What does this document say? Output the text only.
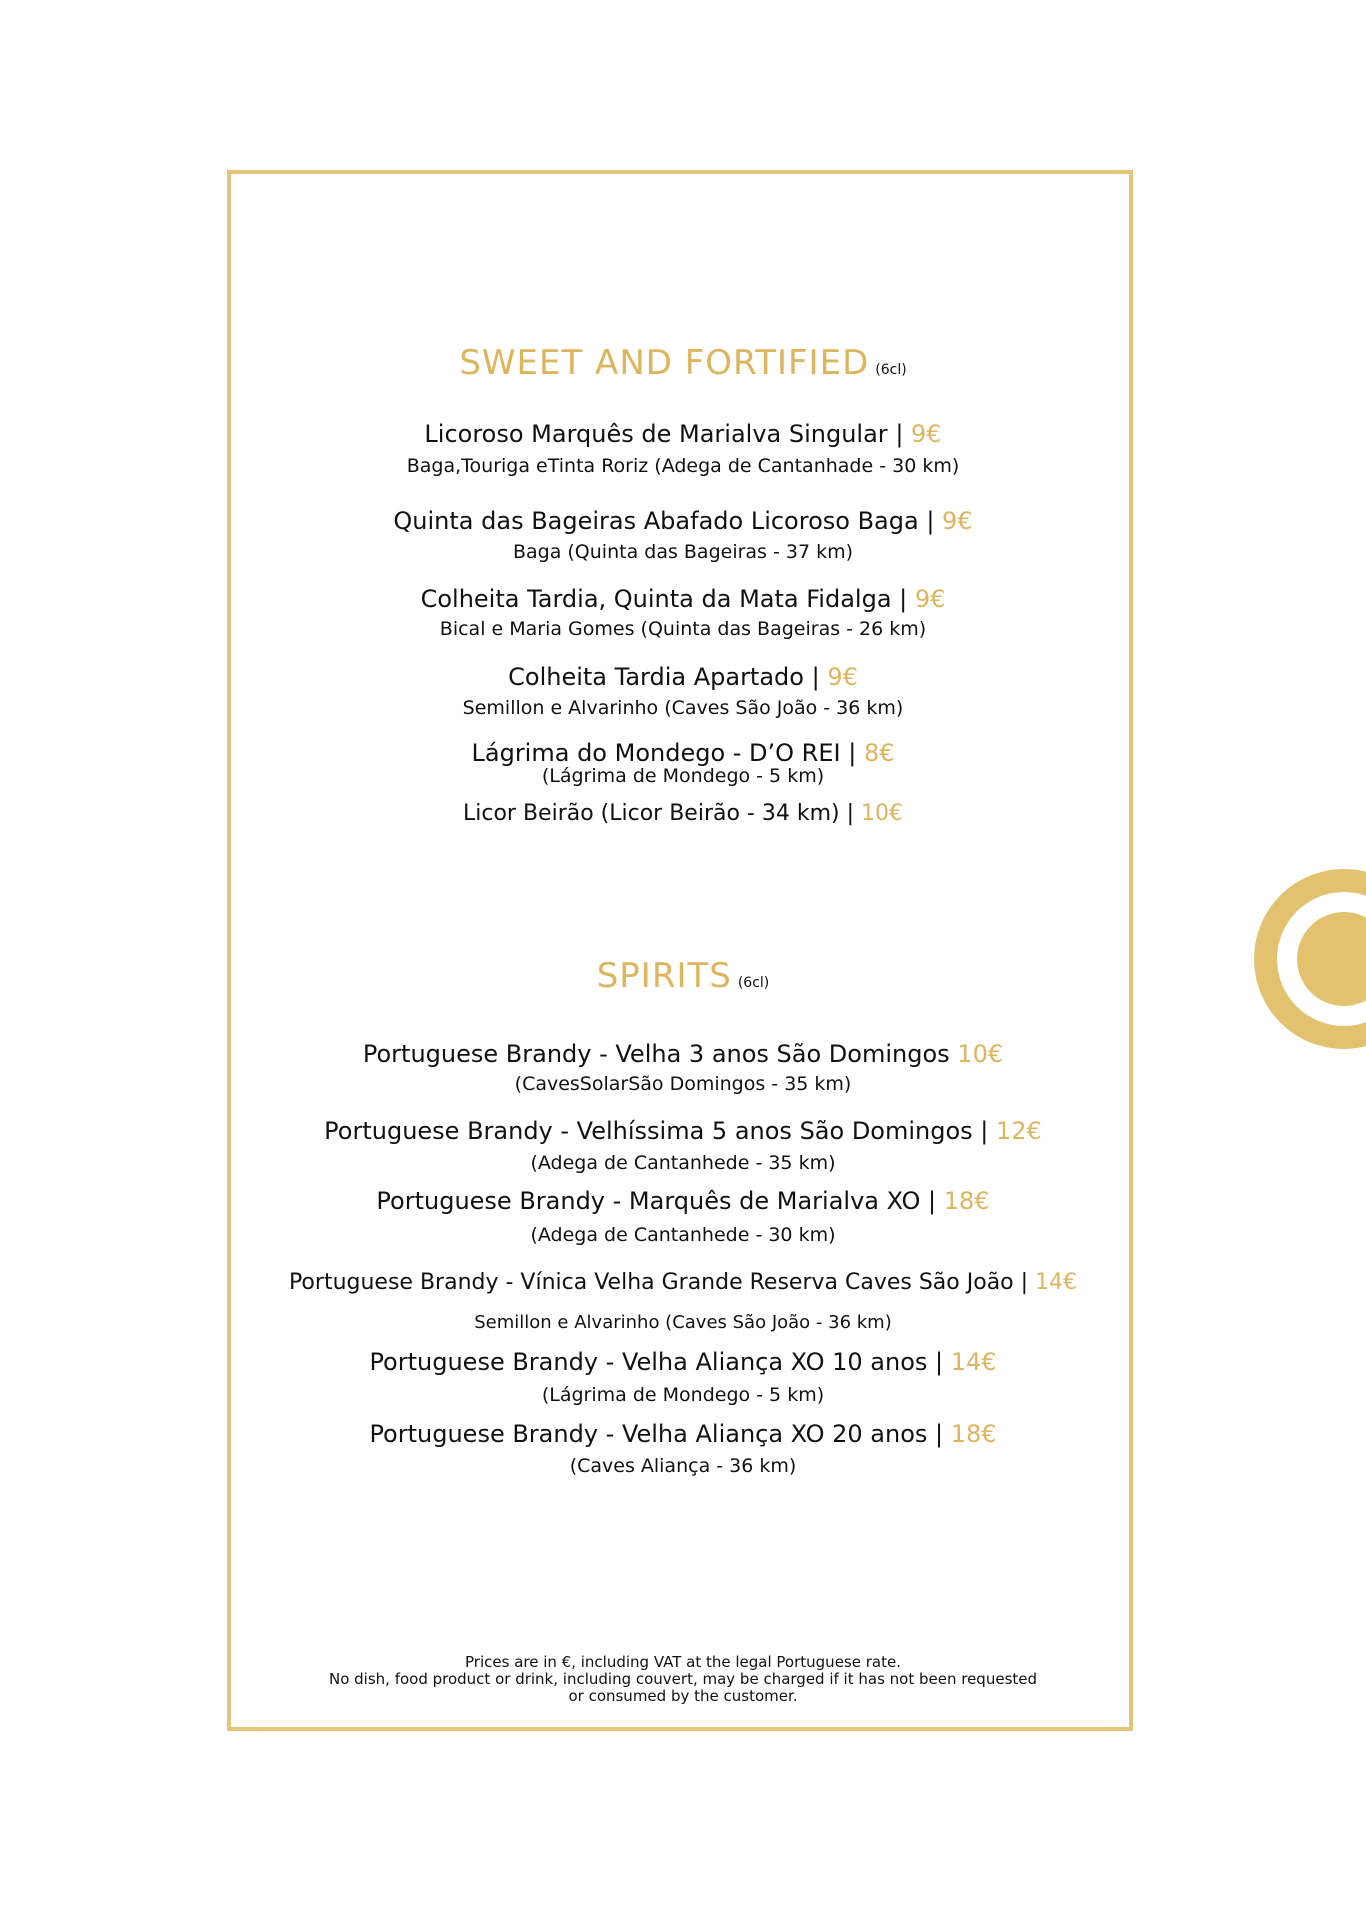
SWEET AND FORTIFIED (6cl)
Licoroso Marquês de Marialva Singular | 9€
Baga,Touriga eTinta Roriz (Adega de Cantanhade - 30 km)
Quinta das Bageiras Abafado Licoroso Baga | 9€
Baga (Quinta das Bageiras - 37 km)
Colheita Tardia, Quinta da Mata Fidalga | 9€
Bical e Maria Gomes (Quinta das Bageiras - 26 km)
Colheita Tardia Apartado | 9€
Semillon e Alvarinho (Caves São João - 36 km)
Lágrima do Mondego - D’O REI | 8€
(Lágrima de Mondego - 5 km)
Licor Beirão (Licor Beirão - 34 km) | 10€
SPIRITS (6cl)
Portuguese Brandy - Velha 3 anos São Domingos 10€
(CavesSolarSão Domingos - 35 km)
Portuguese Brandy - Velhíssima 5 anos São Domingos | 12€
(Adega de Cantanhede - 35 km)
Portuguese Brandy - Marquês de Marialva XO | 18€
(Adega de Cantanhede - 30 km)
Portuguese Brandy - Vínica Velha Grande Reserva Caves São João | 14€
Semillon e Alvarinho (Caves São João - 36 km)
Portuguese Brandy - Velha Aliança XO 10 anos | 14€
(Lágrima de Mondego - 5 km)
Portuguese Brandy - Velha Aliança XO 20 anos | 18€
(Caves Aliança - 36 km)
Prices are in €, including VAT at the legal Portuguese rate.
No dish, food product or drink, including couvert, may be charged if it has not been requested
or consumed by the customer.
